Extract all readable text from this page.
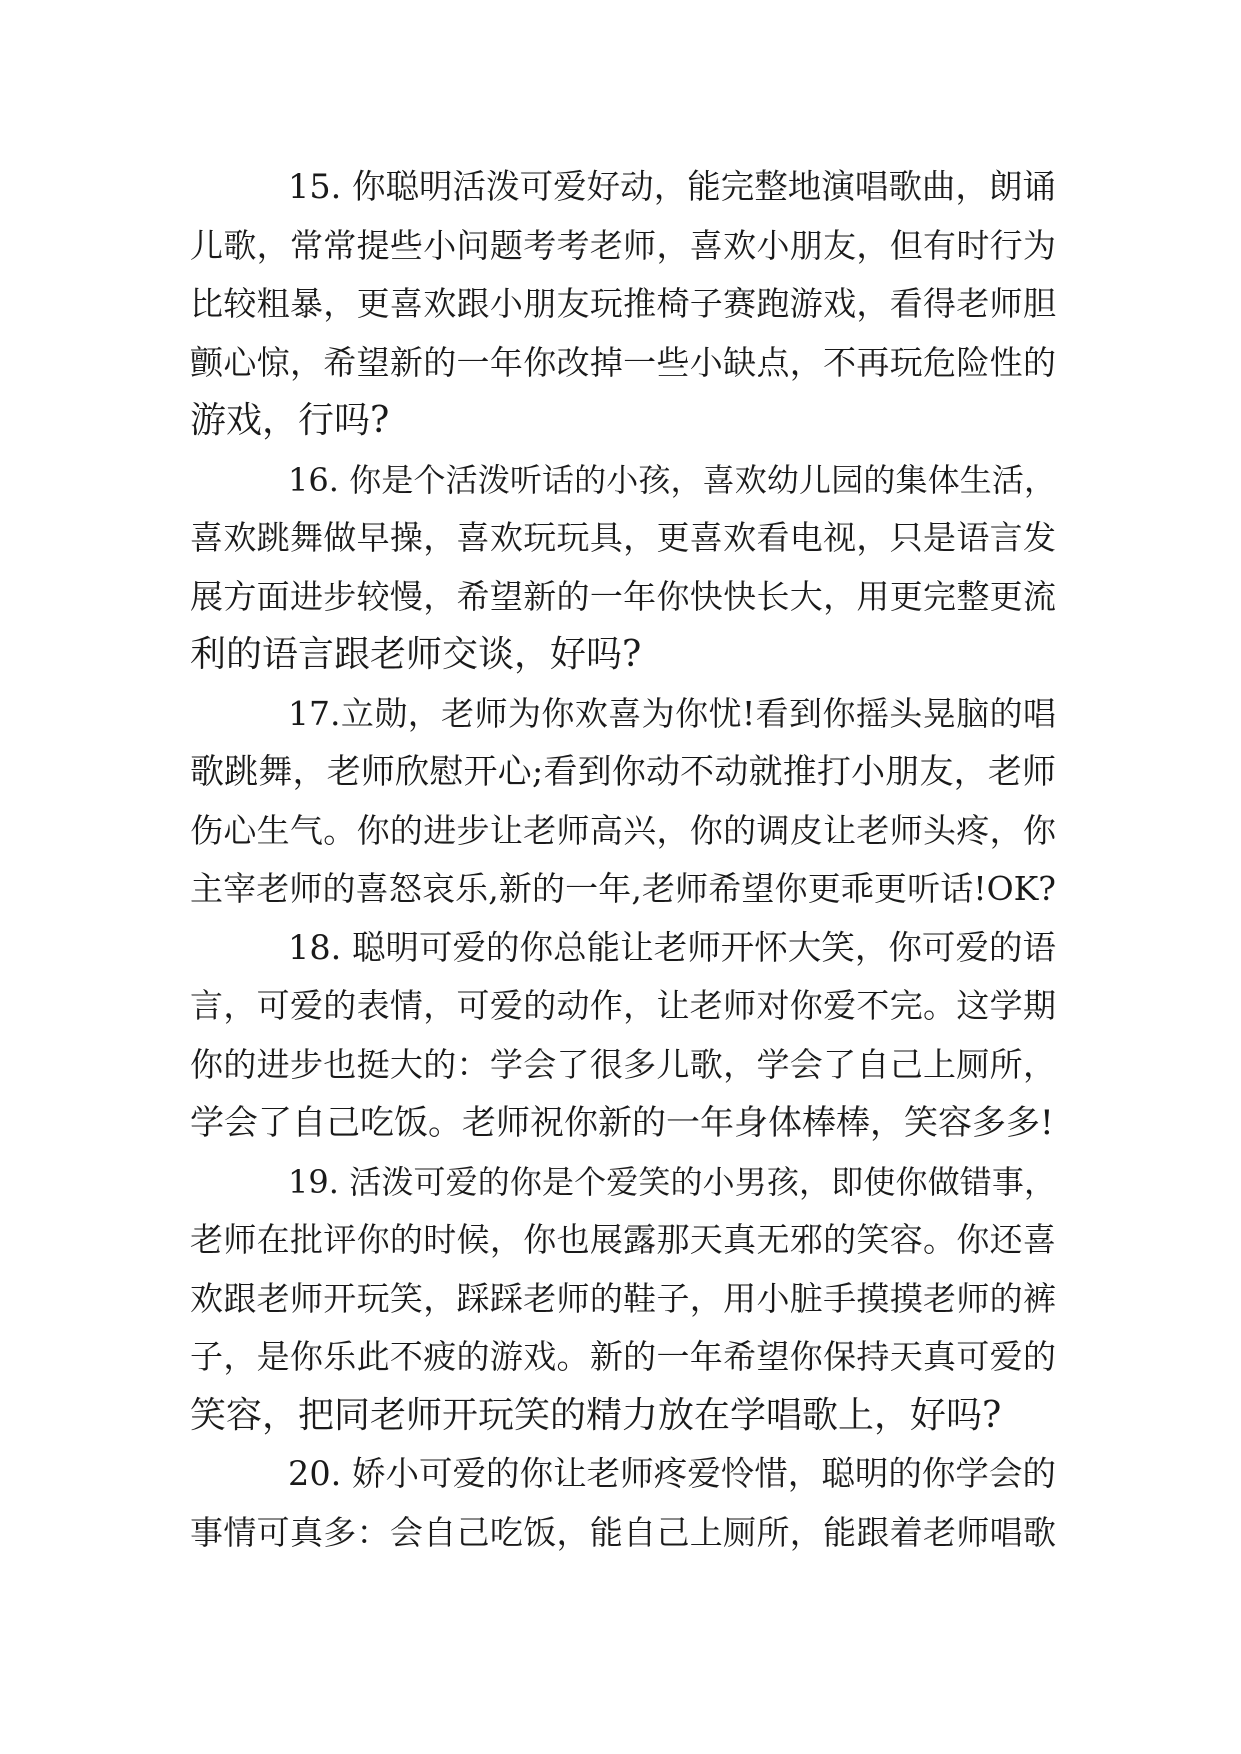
15. 你聪明活泼可爱好动，能完整地演唱歌曲，朗诵
儿歌，常常提些小问题考考老师，喜欢小朋友，但有时行为
比较粗暴，更喜欢跟小朋友玩推椅子赛跑游戏，看得老师胆
颤心惊，希望新的一年你改掉一些小缺点，不再玩危险性的
游戏，行吗?
16. 你是个活泼听话的小孩，喜欢幼儿园的集体生活，
喜欢跳舞做早操，喜欢玩玩具，更喜欢看电视，只是语言发
展方面进步较慢，希望新的一年你快快长大，用更完整更流
利的语言跟老师交谈，好吗?
17.立勋，老师为你欢喜为你忧!看到你摇头晃脑的唱
歌跳舞，老师欣慰开心;看到你动不动就推打小朋友，老师
伤心生气。你的进步让老师高兴，你的调皮让老师头疼，你
主宰老师的喜怒哀乐,新的一年,老师希望你更乖更听话!OK?
18. 聪明可爱的你总能让老师开怀大笑，你可爱的语
言，可爱的表情，可爱的动作，让老师对你爱不完。这学期
你的进步也挺大的：学会了很多儿歌，学会了自己上厕所，
学会了自己吃饭。老师祝你新的一年身体棒棒，笑容多多!
19. 活泼可爱的你是个爱笑的小男孩，即使你做错事，
老师在批评你的时候，你也展露那天真无邪的笑容。你还喜
欢跟老师开玩笑，踩踩老师的鞋子，用小脏手摸摸老师的裤
子，是你乐此不疲的游戏。新的一年希望你保持天真可爱的
笑容，把同老师开玩笑的精力放在学唱歌上，好吗?
20. 娇小可爱的你让老师疼爱怜惜，聪明的你学会的
事情可真多：会自己吃饭，能自己上厕所，能跟着老师唱歌
